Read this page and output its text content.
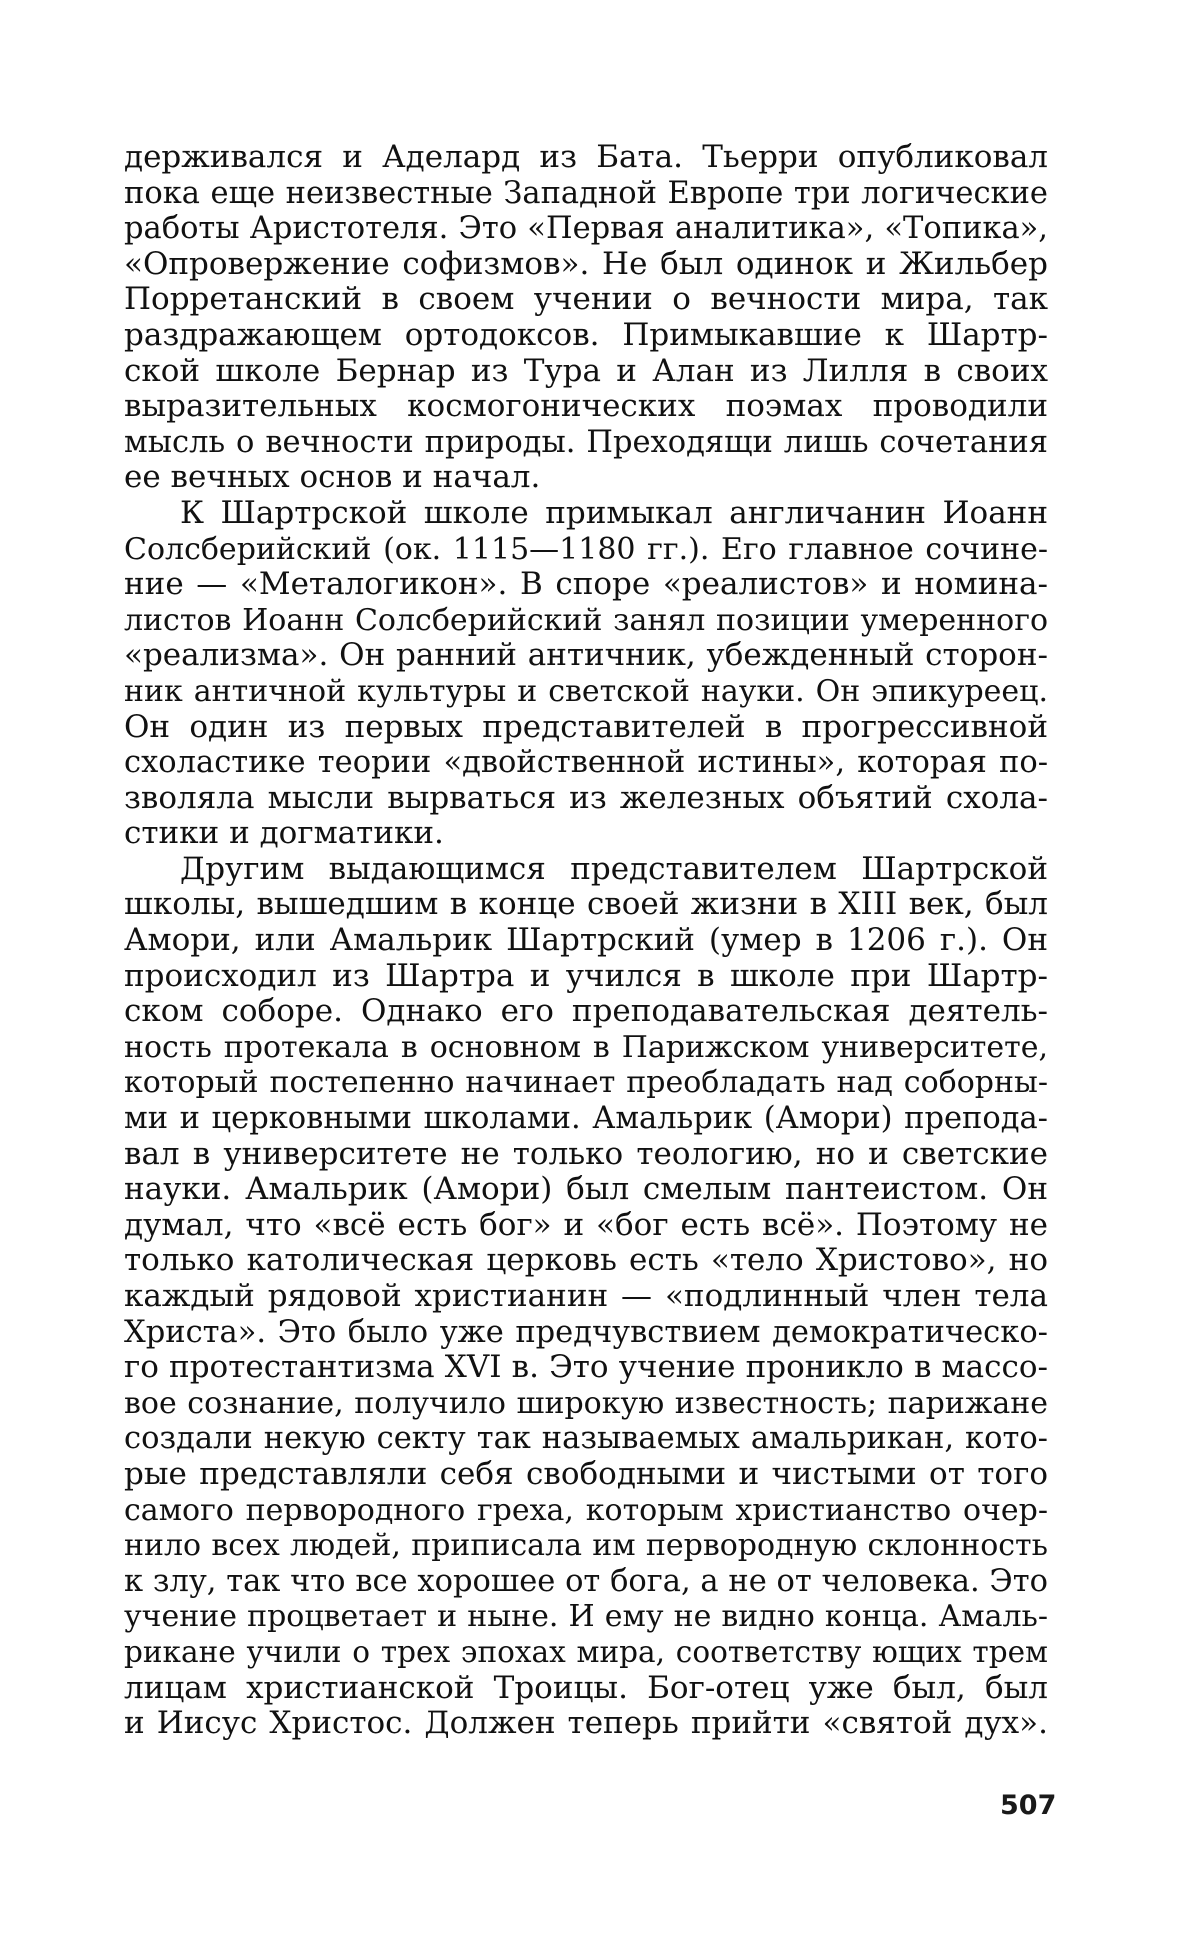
держивался и Аделард из Бата. Тьерри опубликовал
пока еще неизвестные Западной Европе три логические
работы Аристотеля. Это «Первая аналитика», «Топика»,
«Опровержение софизмов». Не был одинок и Жильбер
Порретанский в своем учении о вечности мира, так
раздражающем ортодоксов. Примыкавшие к Шартр-
ской школе Бернар из Тура и Алан из Лилля в своих
выразительных космогонических поэмах проводили
мысль о вечности природы. Преходящи лишь сочетания
ее вечных основ и начал.
К Шартрской школе примыкал англичанин Иоанн
Солсберийский (ок. 1115—1180 гг.). Его главное сочине-
ние — «Металогикон». В споре «реалистов» и номина-
листов Иоанн Солсберийский занял позиции умеренного
«реализма». Он ранний античник, убежденный сторон-
ник античной культуры и светской науки. Он эпикуреец.
Он один из первых представителей в прогрессивной
схоластике теории «двойственной истины», которая по-
зволяла мысли вырваться из железных объятий схола-
стики и догматики.
Другим выдающимся представителем Шартрской
школы, вышедшим в конце своей жизни в XIII век, был
Амори, или Амальрик Шартрский (умер в 1206 г.). Он
происходил из Шартра и учился в школе при Шартр-
ском соборе. Однако его преподавательская деятель-
ность протекала в основном в Парижском университете,
который постепенно начинает преобладать над соборны-
ми и церковными школами. Амальрик (Амори) препода-
вал в университете не только теологию, но и светские
науки. Амальрик (Амори) был смелым пантеистом. Он
думал, что «всё есть бог» и «бог есть всё». Поэтому не
только католическая церковь есть «тело Христово», но
каждый рядовой христианин — «подлинный член тела
Христа». Это было уже предчувствием демократическо-
го протестантизма XVI в. Это учение проникло в массо-
вое сознание, получило широкую известность; парижане
создали некую секту так называемых амальрикан, кото-
рые представляли себя свободными и чистыми от того
самого первородного греха, которым христианство очер-
нило всех людей, приписала им первородную склонность
к злу, так что все хорошее от бога, а не от человека. Это
учение процветает и ныне. И ему не видно конца. Амаль-
рикане учили о трех эпохах мира, соответству ющих трем
лицам христианской Троицы. Бог-отец уже был, был
и Иисус Христос. Должен теперь прийти «святой дух».
507
